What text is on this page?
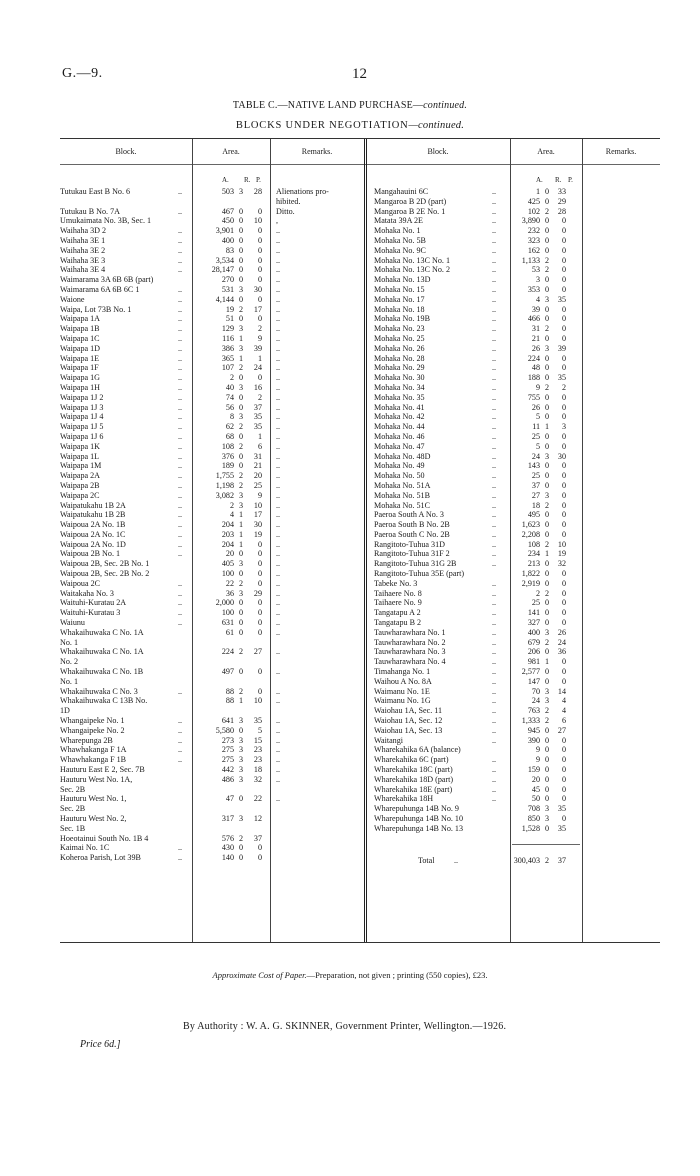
G.—9.	12
TABLE C.—NATIVE LAND PURCHASE—continued.
BLOCKS UNDER NEGOTIATION—continued.
Block.	Area.	Remarks.	Block.	Area.	Remarks.
A. R. P.	A. R. P.
Tutukau East B No. 6	..	503 3	28 Alienations pro-
hibited.
Tutukau B No. 7A	..	467 0	0 Ditto.
Umukaimata No. 3B, Sec. 1	450 0	10 ,
Waihaha 3D 2	..	3,901 0	0 ..
Waihaha 3E 1	..	400 0	0 ..
Waihaha 3E 2	..	83 0	0 ..
Waihaha 3E 3	..	3,534 0	0 ..
Waihaha 3E 4	..	28,147 0	0 ..
Waimarama 3A 6B 6B (part)	270 0	0 ..
Waimarama 6A 6B 6C 1	..	531 3	30 ..
Waione	..	4,144 0	0 ..
Waipa, Lot 73B No. 1	..	19 2	17 ..
Waipapa 1A	..	51 0	0 ..
Waipapa 1B	..	129 3	2 ..
Waipapa 1C	..	116 1	9 ..
Waipapa 1D	..	386 3	39 ..
Waipapa 1E	..	365 1	1 ..
Waipapa 1F	..	107 2	24 ..
Waipapa 1G	..	2 0	0 ..
Waipapa 1H	..	40 3	16 ..
Waipapa 1J 2	..	74 0	2 ..
Waipapa 1J 3	..	56 0	37 ..
Waipapa 1J 4	..	8 3	35 ..
Waipapa 1J 5	..	62 2	35 ..
Waipapa 1J 6	..	68 0	1 ..
Waipapa 1K	..	108 2	6 ..
Waipapa 1L	..	376 0	31 ..
Waipapa 1M	..	189 0	21 ..
Waipapa 2A	..	1,755 2	20 ..
Waipapa 2B	..	1,198 2	25 ..
Waipapa 2C	..	3,082 3	9 ..
Waipatukahu 1B 2A	..	2 3	10 ..
Waipatukahu 1B 2B	..	4 1	17 ..
Waipoua 2A No. 1B	..	204 1	30 ..
Waipoua 2A No. 1C	..	203 1	19 ..
Waipoua 2A No. 1D	..	204 1	0 ..
Waipoua 2B No. 1	..	20 0	0 ..
Waipoua 2B, Sec. 2B No. 1	405 3	0 ..
Waipoua 2B, Sec. 2B No. 2	100 0	0 ..
Waipoua 2C	..	22 2	0 ..
Waitakaha No. 3	..	36 3	29 ..
Waituhi-Kuratau 2A	..	2,000 0	0 ..
Waituhi-Kuratau 3	..	100 0	0 ..
Waiunu	..	631 0	0 ..
Whakaihuwaka C No. 1A	61 0	0 ..
No. 1
Whakaihuwaka C No. 1A	224 2	27 ..
No. 2
Whakaihuwaka C No. 1B	497 0	0 ..
No. 1
Whakaihuwaka C No. 3	..	88 2	0 ..
Whakaihuwaka C 13B No.	88 1	10 ..
1D
Whangaipeke No. 1	..	641 3	35 ..
Whangaipeke No. 2	..	5,580 0	5 ..
Wharepunga 2B	..	273 3	15 ..
Whawhakanga F 1A	..	275 3	23 ..
Whawhakanga F 1B	..	275 3	23 ..
Hauturu East E 2, Sec. 7B	442 3	18 ..
Hauturu West No. 1A,	486 3	32 ..
Sec. 2B
Hauturu West No. 1,	47 0	22 ..
Sec. 2B
Hauturu West No. 2,	317 3	12
Sec. 1B
Hoeotainui South No. 1B 4	576 2	37
Kaimai No. 1C	..	430 0	0
Koheroa Parish, Lot 39B	..	140 0	0
Mangahauini 6C	..	1 0	33
Mangaroa B 2D (part)	..	425 0	29
Mangaroa B 2E No. 1	..	102 2	28
Matata 39A 2E	..	3,890 0	0
Mohaka No. 1	..	232 0	0
Mohaka No. 5B	..	323 0	0
Mohaka No. 9C	..	162 0	0
Mohaka No. 13C No. 1	..	1,133 2	0
Mohaka No. 13C No. 2	..	53 2	0
Mohaka No. 13D	..	3 0	0
Mohaka No. 15	..	353 0	0
Mohaka No. 17	..	4 3	35
Mohaka No. 18	..	39 0	0
Mohaka No. 19B	..	466 0	0
Mohaka No. 23	..	31 2	0
Mohaka No. 25	..	21 0	0
Mohaka No. 26	..	26 3	39
Mohaka No. 28	..	224 0	0
Mohaka No. 29	..	48 0	0
Mohaka No. 30	..	188 0	35
Mohaka No. 34	..	9 2	2
Mohaka No. 35	..	755 0	0
Mohaka No. 41	..	26 0	0
Mohaka No. 42	..	5 0	0
Mohaka No. 44	..	11 1	3
Mohaka No. 46	..	25 0	0
Mohaka No. 47	..	5 0	0
Mohaka No. 48D	..	24 3	30
Mohaka No. 49	..	143 0	0
Mohaka No. 50	..	25 0	0
Mohaka No. 51A	..	37 0	0
Mohaka No. 51B	..	27 3	0
Mohaka No. 51C	..	18 2	0
Paeroa South A No. 3	..	495 0	0
Paeroa South B No. 2B	..	1,623 0	0
Paeroa South C No. 2B	..	2,208 0	0
Rangitoto-Tuhua 31D	..	108 2	10
Rangitoto-Tuhua 31F 2	..	234 1	19
Rangitoto-Tuhua 31G 2B	..	213 0	32
Rangitoto-Tuhua 35E (part)	1,822 0	0
Tabeke No. 3	..	2,919 0	0
Taihaere No. 8	..	2 2	0
Taihaere No. 9	..	25 0	0
Tangatapu A 2	..	141 0	0
Tangatapu B 2	..	327 0	0
Tauwharawhara No. 1	..	400 3	26
Tauwharawhara No. 2	..	679 2	24
Tauwharawhara No. 3	..	206 0	36
Tauwharawhara No. 4	..	981 1	0
Timahanga No. 1	..	2,577 0	0
Waihou A No. 8A	..	147 0	0
Waimanu No. 1E	..	70 3	14
Waimanu No. 1G	..	24 3	4
Waiohau 1A, Sec. 11	..	763 2	4
Waiohau 1A, Sec. 12	..	1,333 2	6
Waiohau 1A, Sec. 13	..	945 0	27
Waitangi	..	390 0	0
Wharekahika 6A (balance)	9 0	0
Wharekahika 6C (part)	..	9 0	0
Wharekahika 18C (part)	..	159 0	0
Wharekahika 18D (part)	..	20 0	0
Wharekahika 18E (part)	..	45 0	0
Wharekahika 18H	..	50 0	0
Wharepuhunga 14B No. 9	708 3	35
Wharepuhunga 14B No. 10	850 3	0
Wharepuhunga 14B No. 13	1,528 0	35
Total ..	300,403 2	37
Approximate Cost of Paper.—Preparation, not given ; printing (550 copies), £23.
By Authority : W. A. G. SKINNER, Government Printer, Wellington.—1926.
Price 6d.]
